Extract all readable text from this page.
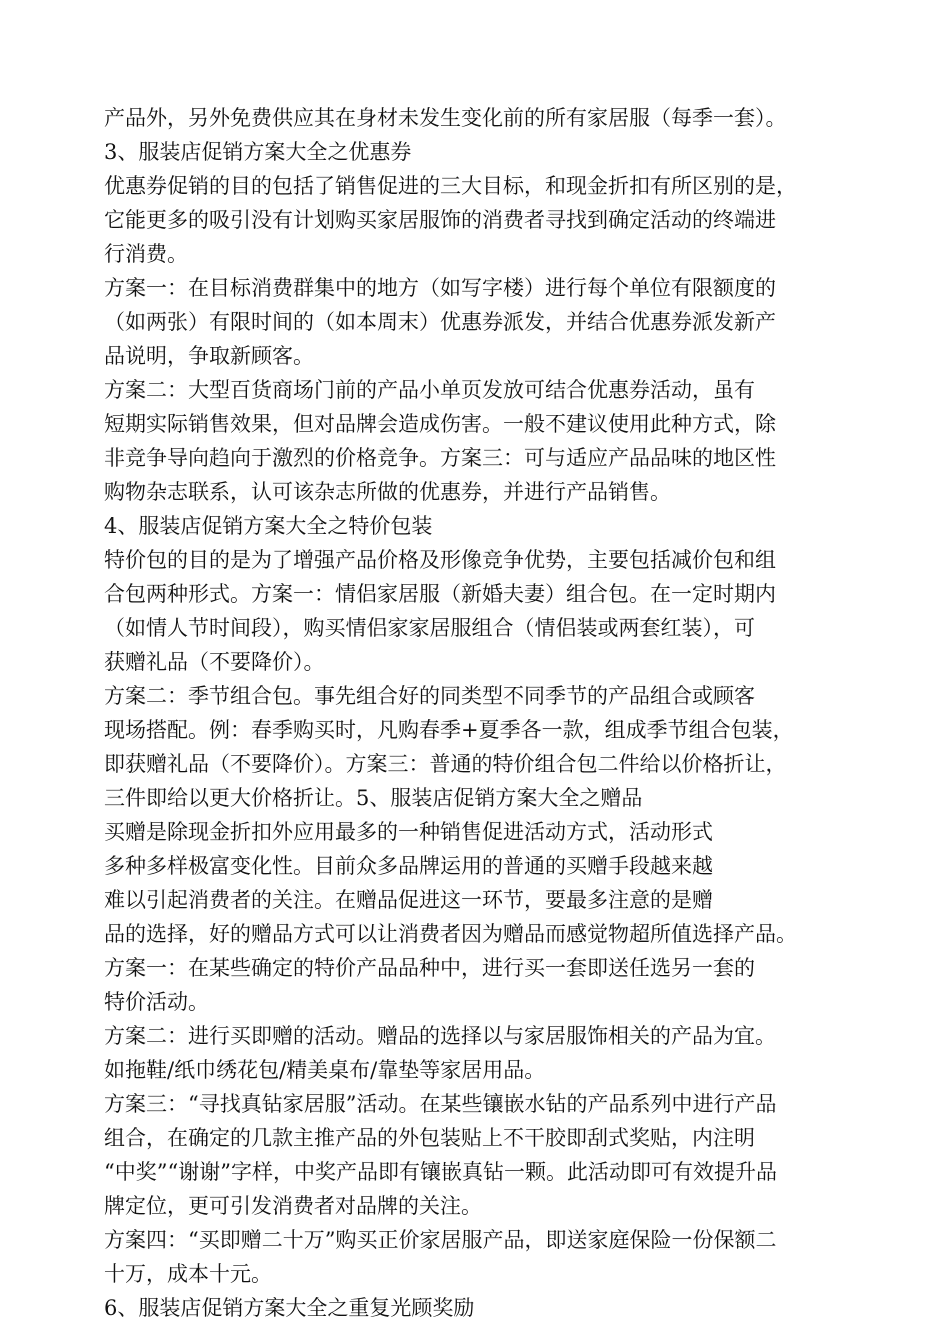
产品外，另外免费供应其在身材未发生变化前的所有家居服（每季一套）。
3、服装店促销方案大全之优惠券
优惠券促销的目的包括了销售促进的三大目标，和现金折扣有所区别的是，
它能更多的吸引没有计划购买家居服饰的消费者寻找到确定活动的终端进
行消费。
方案一：在目标消费群集中的地方（如写字楼）进行每个单位有限额度的
（如两张）有限时间的（如本周末）优惠券派发，并结合优惠券派发新产
品说明，争取新顾客。
方案二：大型百货商场门前的产品小单页发放可结合优惠券活动，虽有
短期实际销售效果，但对品牌会造成伤害。一般不建议使用此种方式，除
非竞争导向趋向于激烈的价格竞争。方案三：可与适应产品品味的地区性
购物杂志联系，认可该杂志所做的优惠券，并进行产品销售。
4、服装店促销方案大全之特价包装
特价包的目的是为了增强产品价格及形像竞争优势，主要包括减价包和组
合包两种形式。方案一：情侣家居服（新婚夫妻）组合包。在一定时期内
（如情人节时间段），购买情侣家家居服组合（情侣装或两套红装），可
获赠礼品（不要降价）。
方案二：季节组合包。事先组合好的同类型不同季节的产品组合或顾客
现场搭配。例：春季购买时，凡购春季+夏季各一款，组成季节组合包装，
即获赠礼品（不要降价）。方案三：普通的特价组合包二件给以价格折让，
三件即给以更大价格折让。5、服装店促销方案大全之赠品
买赠是除现金折扣外应用最多的一种销售促进活动方式，活动形式
多种多样极富变化性。目前众多品牌运用的普通的买赠手段越来越
难以引起消费者的关注。在赠品促进这一环节，要最多注意的是赠
品的选择，好的赠品方式可以让消费者因为赠品而感觉物超所值选择产品。
方案一：在某些确定的特价产品品种中，进行买一套即送任选另一套的
特价活动。
方案二：进行买即赠的活动。赠品的选择以与家居服饰相关的产品为宜。
如拖鞋/纸巾绣花包/精美桌布/靠垫等家居用品。
方案三：“寻找真钻家居服”活动。在某些镶嵌水钻的产品系列中进行产品
组合，在确定的几款主推产品的外包装贴上不干胶即刮式奖贴，内注明
“中奖”“谢谢”字样，中奖产品即有镶嵌真钻一颗。此活动即可有效提升品
牌定位，更可引发消费者对品牌的关注。
方案四：“买即赠二十万”购买正价家居服产品，即送家庭保险一份保额二
十万，成本十元。
6、服装店促销方案大全之重复光顾奖励
